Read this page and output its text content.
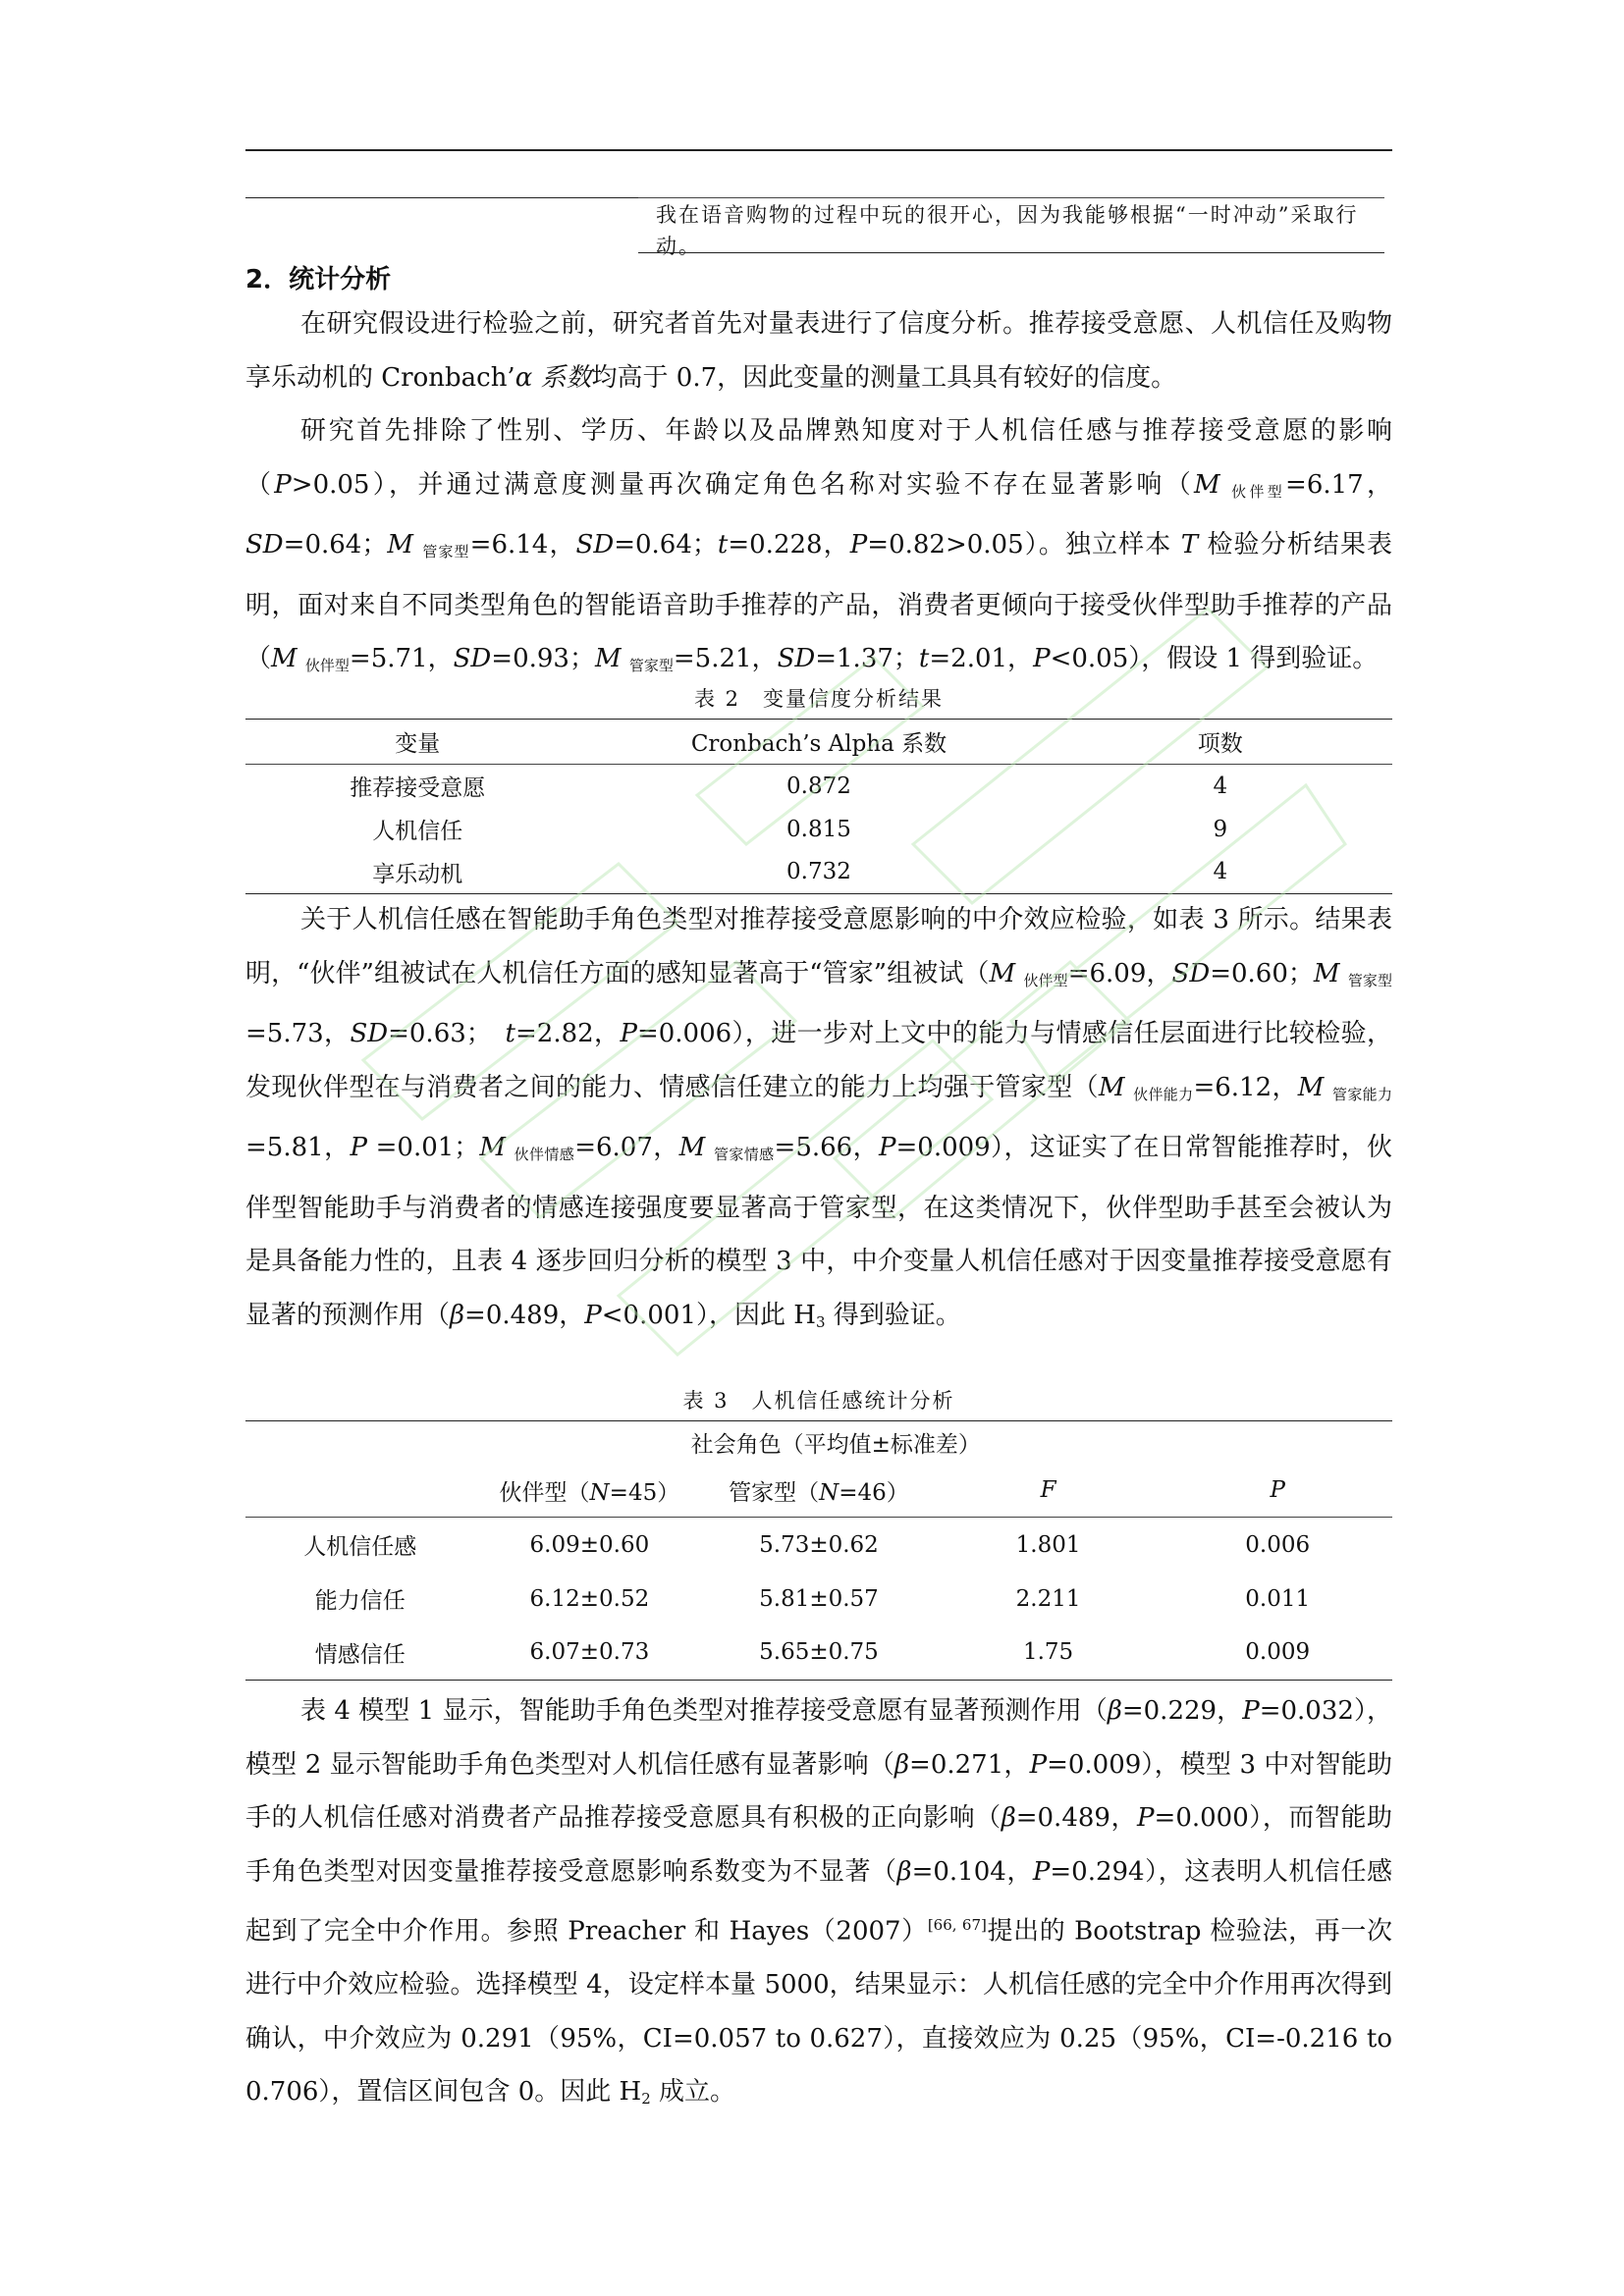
我在语音购物的过程中玩的很开心，因为我能够根据“一时冲动”采取行动。
2．统计分析
在研究假设进行检验之前，研究者首先对量表进行了信度分析。推荐接受意愿、人机信任及购物享乐动机的 Cronbach’α 系数均高于 0.7，因此变量的测量工具具有较好的信度。
研究首先排除了性别、学历、年龄以及品牌熟知度对于人机信任感与推荐接受意愿的影响（P>0.05），并通过满意度测量再次确定角色名称对实验不存在显著影响（M $_{伙伴型}$=6.17，SD=0.64；M $_{管家型}$=6.14，SD=0.64；t=0.228，P=0.82>0.05）。独立样本 T 检验分析结果表明，面对来自不同类型角色的智能语音助手推荐的产品，消费者更倾向于接受伙伴型助手推荐的产品（M $_{伙伴型}$=5.71，SD=0.93；M $_{管家型}$=5.21，SD=1.37；t=2.01，P<0.05），假设 1 得到验证。
表 2　变量信度分析结果
变量	Cronbach’s Alpha 系数	项数
推荐接受意愿	0.872	4
人机信任	0.815	9
享乐动机	0.732	4
关于人机信任感在智能助手角色类型对推荐接受意愿影响的中介效应检验，如表 3 所示。结果表明，“伙伴”组被试在人机信任方面的感知显著高于“管家”组被试（M $_{伙伴型}$=6.09，SD=0.60；M $_{管家型}$=5.73，SD=0.63；　t=2.82，P=0.006），进一步对上文中的能力与情感信任层面进行比较检验，发现伙伴型在与消费者之间的能力、情感信任建立的能力上均强于管家型（M $_{伙伴能力}$=6.12，M $_{管家能力}$=5.81，P =0.01；M $_{伙伴情感}$=6.07，M $_{管家情感}$=5.66，P=0.009），这证实了在日常智能推荐时，伙伴型智能助手与消费者的情感连接强度要显著高于管家型，在这类情况下，伙伴型助手甚至会被认为是具备能力性的，且表 4 逐步回归分析的模型 3 中，中介变量人机信任感对于因变量推荐接受意愿有显著的预测作用（β=0.489，P<0.001），因此 $H_3$ 得到验证。
表 3　人机信任感统计分析
	社会角色（平均值±标准差）			
	伙伴型（N=45）	管家型（N=46）	F	P
人机信任感	6.09±0.60	5.73±0.62	1.801	0.006
能力信任	6.12±0.52	5.81±0.57	2.211	0.011
情感信任	6.07±0.73	5.65±0.75	1.75	0.009
表 4 模型 1 显示，智能助手角色类型对推荐接受意愿有显著预测作用（β=0.229，P=0.032），模型 2 显示智能助手角色类型对人机信任感有显著影响（β=0.271，P=0.009），模型 3 中对智能助手的人机信任感对消费者产品推荐接受意愿具有积极的正向影响（β=0.489，P=0.000），而智能助手角色类型对因变量推荐接受意愿影响系数变为不显著（β=0.104，P=0.294），这表明人机信任感起到了完全中介作用。参照 Preacher 和 Hayes（2007）[66, 67]提出的 Bootstrap 检验法，再一次进行中介效应检验。选择模型 4，设定样本量 5000，结果显示：人机信任感的完全中介作用再次得到确认，中介效应为 0.291（95%，CI=0.057 to 0.627），直接效应为 0.25（95%，CI=-0.216 to 0.706），置信区间包含 0。因此 $H_2$ 成立。
